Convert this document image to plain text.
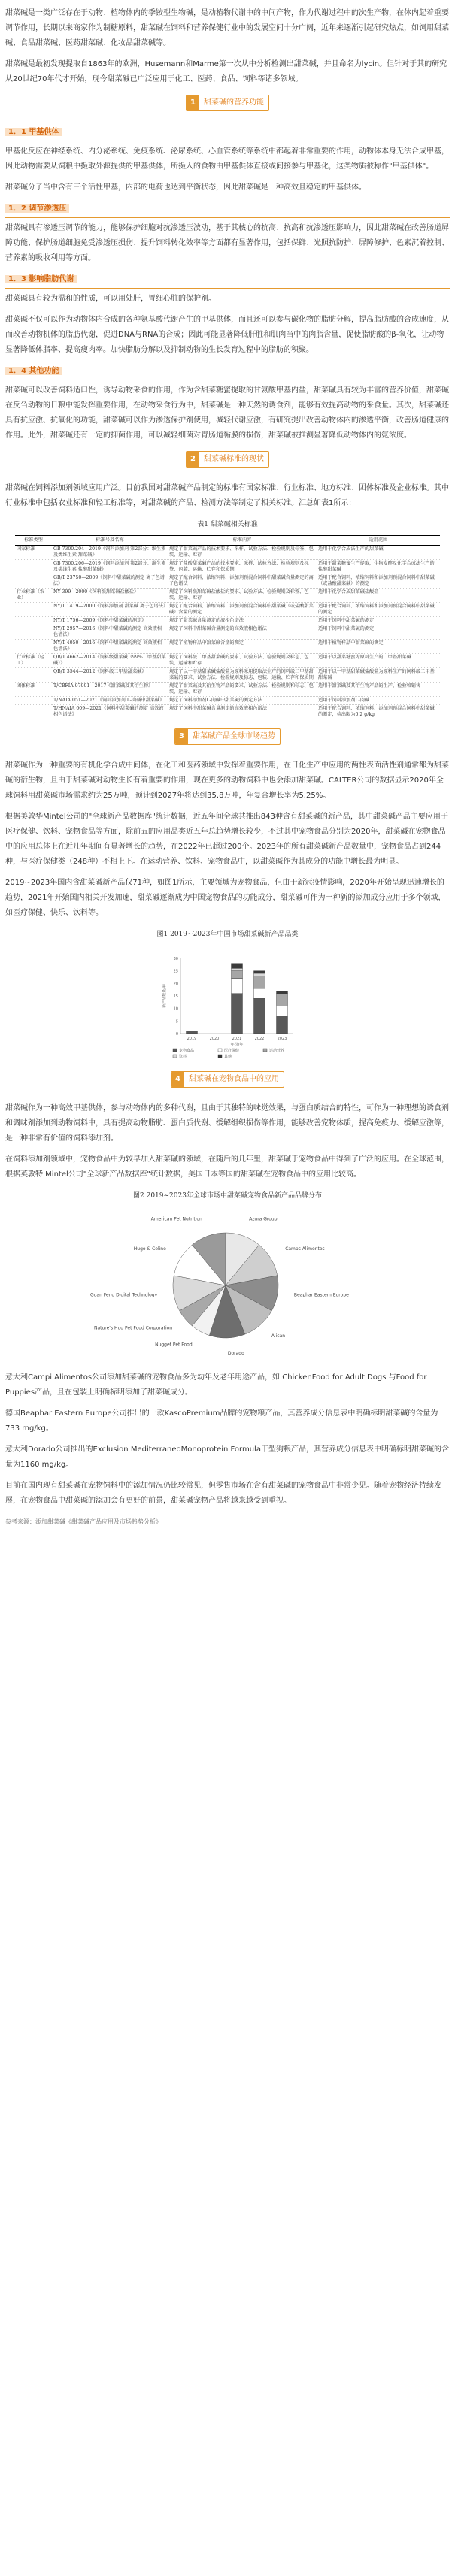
甜菜碱是一类广泛存在于动物、植物体内的季铵型生物碱，是动植物代谢中的中间产物，作为代谢过程中的次生产物，在体内起着重要调节作用，长期以来商家作为制糖原料，甜菜碱在饲料和营养保健行业中的发展空间十分广阔，近年来逐渐引起研究热点，如饲用甜菜碱、食品甜菜碱、医药甜菜碱、化妆品甜菜碱等。

甜菜碱是最初发现提取自1863年的欧洲，Husemann和Marme第一次从中分析检测出甜菜碱，并且命名为lycin。但针对于其的研究从20世纪70年代才开始，现今甜菜碱已广泛应用于化工、医药、食品、饲料等诸多领域。

1 甜菜碱的营养功能
1．1 甲基供体

甲基化反应在神经系统、内分泌系统、免疫系统、泌尿系统、心血管系统等系统中都起着非常重要的作用，动物体本身无法合成甲基，因此动物需要从饲粮中摄取外源提供的甲基供体，所摄入的食物由甲基供体直接或间接参与甲基化，这类物质被称作"甲基供体"。

甜菜碱分子当中含有三个活性甲基，内部的电荷也达到平衡状态，因此甜菜碱是一种高效且稳定的甲基供体。

1．2 调节渗透压

甜菜碱具有渗透压调节的能力，能够保护细胞对抗渗透压波动，基于其核心的抗高、抗高和抗渗透压影响力，因此甜菜碱在改善肠道屏障功能、保护肠道细胞免受渗透压损伤、提升饲料转化效率等方面都有显著作用，包括保鲜、光照抗防护、屏障修护、色素沉着控制、营养素的吸收利用等方面。

1．3 影响脂肪代谢

甜菜碱具有较为温和的性质，可以用处肝，胃细心脏的保护剂。

甜菜碱不仅可以作为动物体内合成的各种氨基酸代谢产生的甲基供体，而且还可以参与碳化物的脂肪分解，提高脂肪酸的合成速度，从而改善动物机体的脂肪代谢，促进DNA与RNA的合成；因此可能显著降低肝脏和肌肉当中的肉脂含量，促使脂肪酸的β-氧化，让动物显著降低体脂率、提高瘦肉率。加快脂肪分解以及抑制动物的生长发育过程中的脂肪的积聚。

1．4 其他功能

甜菜碱可以改善饲料适口性，诱导动物采食的作用，作为含甜菜糖蜜提取的甘氨酸甲基内盐，甜菜碱具有较为丰富的营养价值，甜菜碱在反刍动物的日粮中能发挥重要作用，在动物采食行为中，甜菜碱是一种天然的诱食剂，能够有效提高动物的采食量。其次，甜菜碱还具有抗应激、抗氧化的功能，甜菜碱可以作为渗透保护剂使用，减轻代谢应激，有研究提出改善动物体内的渗透平衡，改善肠道健康的作用。此外，甜菜碱还有一定的抑菌作用，可以减轻细菌对胃肠道黏膜的损伤，甜菜碱被推测显著降低动物体内的氨浓度。

2 甜菜碱标准的现状

甜菜碱在饲料添加剂领域应用广泛。目前我国对甜菜碱产品制定的标准有国家标准、行业标准、地方标准、团体标准及企业标准。其中行业标准中包括农业标准和轻工标准等，对甜菜碱的产品、检测方法等制定了相关标准。汇总如表1所示：

表1 甜菜碱相关标准
标准类型	标准号及名称	标准内容	适用范围
国家标准	GB 7300.204—2019《饲料添加剂 第2部分：维生素及类维生素 甜菜碱》	规定了甜菜碱产品的技术要求、采样、试验方法、检验规则及标签、包装、运输、贮存	适用于化学合成法生产的甜菜碱
	GB 7300.206—2019《饲料添加剂 第2部分：维生素及类维生素 盐酸甜菜碱》	规定了盐酸甜菜碱产品的技术要求、采样、试验方法、检验规则及标签、包装、运输、贮存和保质期	适用于甜菜糖蜜生产提取，生物发酵及化学合成法生产的盐酸甜菜碱
	GB/T 23750—2009《饲料中甜菜碱的测定 离子色谱法》	规定了配合饲料、浓缩饲料、添加剂预混合饲料中甜菜碱含量测定的离子色谱法	适用于配合饲料、浓缩饲料和添加剂预混合饲料中甜菜碱（或盐酸甜菜碱）的测定
行业标准（农业）	NY 399—2000《饲料级甜菜碱盐酸盐》	规定了饲料级甜菜碱盐酸盐的要求、试验方法、检验规则及标签、包装、运输、贮存	适用于化学合成甜菜碱盐酸盐
	NY/T 1419—2000《饲料添加剂 甜菜碱 离子色谱法》	规定了配合饲料、浓缩饲料、添加剂预混合饲料中甜菜碱（或盐酸甜菜碱）含量的测定	适用于配合饲料、浓缩饲料和添加剂预混合饲料中甜菜碱的测定
	NY/T 1756—2009《饲料中甜菜碱的测定》	规定了甜菜碱含量测定的液相色谱法	适用于饲料中甜菜碱的测定
	NY/T 2957—2016《饲料中甜菜碱的测定 高效液相色谱法》	规定了饲料中甜菜碱含量测定的高效液相色谱法	适用于饲料中甜菜碱的测定
	NY/T 4050—2016《饲料中甜菜碱的测定 高效液相色谱法》	规定了植物样品中甜菜碱含量的测定	适用于植物样品中甜菜碱的测定
行业标准（轻工）	QB/T 4662—2014《饲料级甜菜碱（99%二甲基甜菜碱）》	规定了饲料级二甲基甜菜碱的要求、试验方法、检验规则及标志、包装、运输和贮存	适用于以甜菜糖蜜为原料生产的二甲基甜菜碱
	QB/T 3544—2012《饲料级二甲基甜菜碱》	规定了以一甲基甜菜碱盐酸盐为原料采用提取法生产的饲料级二甲基甜菜碱的要求、试验方法、检验规则及标志、包装、运输、贮存和保质期	适用于以一甲基甜菜碱盐酸盐为原料生产的饲料级二甲基甜菜碱
团体标准	T/CBFIA 07001—2017《甜菜碱及其衍生物》	规定了甜菜碱及其衍生物产品的要求、试验方法、检验规则和标志、包装、运输、贮存	适用于甜菜碱及其衍生物产品的生产、检验和销售
	T/NAIA 051—2021《饲料添加剂 L-肉碱中甜菜碱》	规定了饲料添加剂L-肉碱中甜菜碱的测定方法	适用于饲料添加剂L-肉碱
	T/HNAIA 009—2021《饲料中甜菜碱的测定 高效液相色谱法》	规定了饲料中甜菜碱含量测定的高效液相色谱法	适用于配合饲料、浓缩饲料、添加剂预混合饲料中甜菜碱的测定，检出限为0.2 g/kg
3 甜菜碱产品全球市场趋势

甜菜碱作为一种重要的有机化学合成中间体，在化工和医药领域中发挥着重要作用，在日化生产中应用的两性表面活性剂通常都为甜菜碱的衍生物，且由于甜菜碱对动物生长有着重要的作用，现在更多的动物饲料中也会添加甜菜碱。CALTER公司的数据显示2020年全球饲料用甜菜碱市场需求约为25万吨，预计到2027年将达到35.8万吨，年复合增长率为5.25%。

根据美敦华Mintel公司的"全球新产品数据库"统计数据，近五年间全球共推出843种含有甜菜碱的新产品，其中甜菜碱产品主要应用于医疗保健、饮料、宠物食品等方面，除前五的应用品类近五年总趋势增长较少，不过其中宠物食品分别为2020年，甜菜碱在宠物食品中的应用总体上在近几年期间有显著增长的趋势，在2022年已超过200个。2023年的所有甜菜碱新产品数量中，宠物食品占到244种，与医疗保健类（248种）不相上下。在运动营养、饮料、宠物食品中，以甜菜碱作为其成分的功能中增长最为明显。

2019~2023年国内含甜菜碱新产品仅71种，如图1所示，主要领域为宠物食品，但由于新冠疫情影响，2020年开始呈现迅速增长的趋势，2021年开始国内相关开发加速，甜菜碱逐渐成为中国宠物食品的功能成分，甜菜碱可作为一种新的添加成分应用于多个领域，如医疗保健、快乐、饮料等。

图1 2019~2023年中国市场甜菜碱新产品品类
0
5
10
15
20
25
30
新产品数量/种
2019	2020	2021	2022	2023
年份/年
宠物食品	医疗保健	运动营养
饮料	其他
4 甜菜碱在宠物食品中的应用

甜菜碱作为一种高效甲基供体，参与动物体内的多种代谢，且由于其独特的味觉效果，与蛋白质结合的特性，可作为一种理想的诱食剂和调味剂添加到动物饲料中，具有提高动物脂肪、蛋白质代谢、缓解组织损伤等作用，能够改善宠物体质，提高免疫力、缓解应激等，是一种非常有价值的饲料添加剂。

在饲料添加剂领域中，宠物食品中为较早加入甜菜碱的领域，在随后的几年里，甜菜碱于宠物食品中得到了广泛的应用。在全球范围，根据英敦特 Mintel公司"全球新产品数据库"统计数据，美国日本等国的甜菜碱在宠物食品中的应用比较高。

图2 2019~2023年全球市场中甜菜碱宠物食品新产品品牌分布
Azura Group
Camps Alimentos
Beaphar Eastern Europe
Alican
Dorado
Nugget Pet Food
Nature's Hug Pet Food Corporation
Guan Feng Digital Technology
Hugo & Celine
American Pet Nutrition

意大利Campi Alimentos公司添加甜菜碱的宠物食品多为幼年及老年用途产品，如 ChickenFood for Adult Dogs 与Food for Puppies产品，且在包装上明确标明添加了甜菜碱成分。

德国Beaphar Eastern Europe公司推出的一款KascoPremium品牌的宠物粮产品，其营养成分信息表中明确标明甜菜碱的含量为733 mg/kg。

意大利Dorado公司推出的Exclusion MediterraneoMonoprotein Formula干型狗粮产品，其营养成分信息表中明确标明甜菜碱的含量为1160 mg/kg。

目前在国内现有甜菜碱在宠物饲料中的添加情况仍比较常见，但零售市场在含有甜菜碱的宠物食品中非常少见。随着宠物经济持续发展，在宠物食品中甜菜碱的添加会有更好的前景，甜菜碱宠物产品将越来越受到重视。

参考来源：添加甜菜碱《甜菜碱产品应用及市场趋势分析》
